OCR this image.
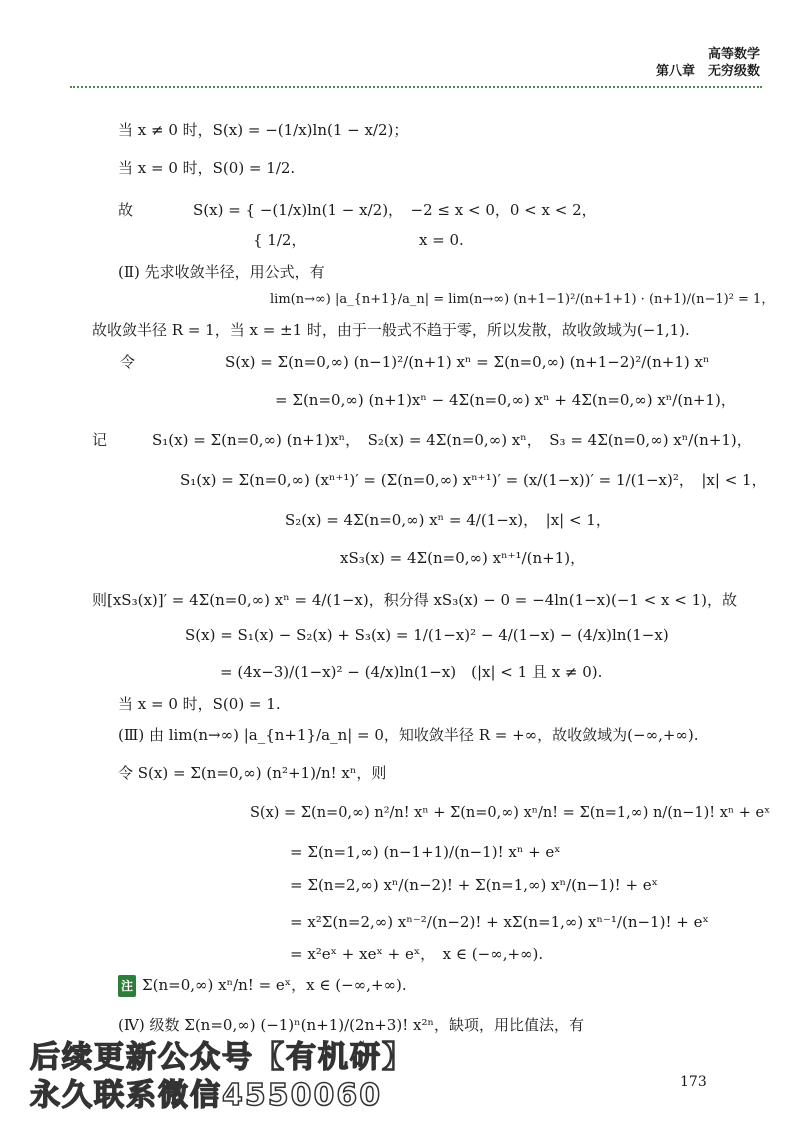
高等数学
第八章　无穷级数
当 x ≠ 0 时，S(x) = −(1/x)ln(1 − x/2)；
当 x = 0 时，S(0) = 1/2.
故　　　　S(x) = { −(1/x)ln(1 − x/2)，　−2 ≤ x < 0，0 < x < 2，
　　　　　　　　　{ 1/2，　　　　　　　　x = 0.
(Ⅱ) 先求收敛半径，用公式，有
lim(n→∞) |a_{n+1}/a_n| = lim(n→∞) (n+1−1)²/(n+1+1) · (n+1)/(n−1)² = 1，
故收敛半径 R = 1，当 x = ±1 时，由于一般式不趋于零，所以发散，故收敛域为(−1,1).
令　　　　　　S(x) = Σ(n=0,∞) (n−1)²/(n+1) xⁿ = Σ(n=0,∞) (n+1−2)²/(n+1) xⁿ
= Σ(n=0,∞) (n+1)xⁿ − 4Σ(n=0,∞) xⁿ + 4Σ(n=0,∞) xⁿ/(n+1)，
记　　　S₁(x) = Σ(n=0,∞) (n+1)xⁿ，　S₂(x) = 4Σ(n=0,∞) xⁿ，　S₃ = 4Σ(n=0,∞) xⁿ/(n+1)，
S₁(x) = Σ(n=0,∞) (xⁿ⁺¹)′ = (Σ(n=0,∞) xⁿ⁺¹)′ = (x/(1−x))′ = 1/(1−x)²，　|x| < 1，
S₂(x) = 4Σ(n=0,∞) xⁿ = 4/(1−x)，　|x| < 1，
xS₃(x) = 4Σ(n=0,∞) xⁿ⁺¹/(n+1)，
则[xS₃(x)]′ = 4Σ(n=0,∞) xⁿ = 4/(1−x)，积分得 xS₃(x) − 0 = −4ln(1−x)(−1 < x < 1)，故
S(x) = S₁(x) − S₂(x) + S₃(x) = 1/(1−x)² − 4/(1−x) − (4/x)ln(1−x)
= (4x−3)/(1−x)² − (4/x)ln(1−x)　(|x| < 1 且 x ≠ 0).
当 x = 0 时，S(0) = 1.
(Ⅲ) 由 lim(n→∞) |a_{n+1}/a_n| = 0，知收敛半径 R = +∞，故收敛域为(−∞,+∞).
令 S(x) = Σ(n=0,∞) (n²+1)/n! xⁿ，则
S(x) = Σ(n=0,∞) n²/n! xⁿ + Σ(n=0,∞) xⁿ/n! = Σ(n=1,∞) n/(n−1)! xⁿ + eˣ
= Σ(n=1,∞) (n−1+1)/(n−1)! xⁿ + eˣ
= Σ(n=2,∞) xⁿ/(n−2)! + Σ(n=1,∞) xⁿ/(n−1)! + eˣ
= x²Σ(n=2,∞) xⁿ⁻²/(n−2)! + xΣ(n=1,∞) xⁿ⁻¹/(n−1)! + eˣ
= x²eˣ + xeˣ + eˣ，　x ∈ (−∞,+∞).
注 Σ(n=0,∞) xⁿ/n! = eˣ，x ∈ (−∞,+∞).
(Ⅳ) 级数 Σ(n=0,∞) (−1)ⁿ(n+1)/(2n+3)! x²ⁿ，缺项，用比值法，有
后续更新公众号【有机研】
永久联系微信4550060	173
